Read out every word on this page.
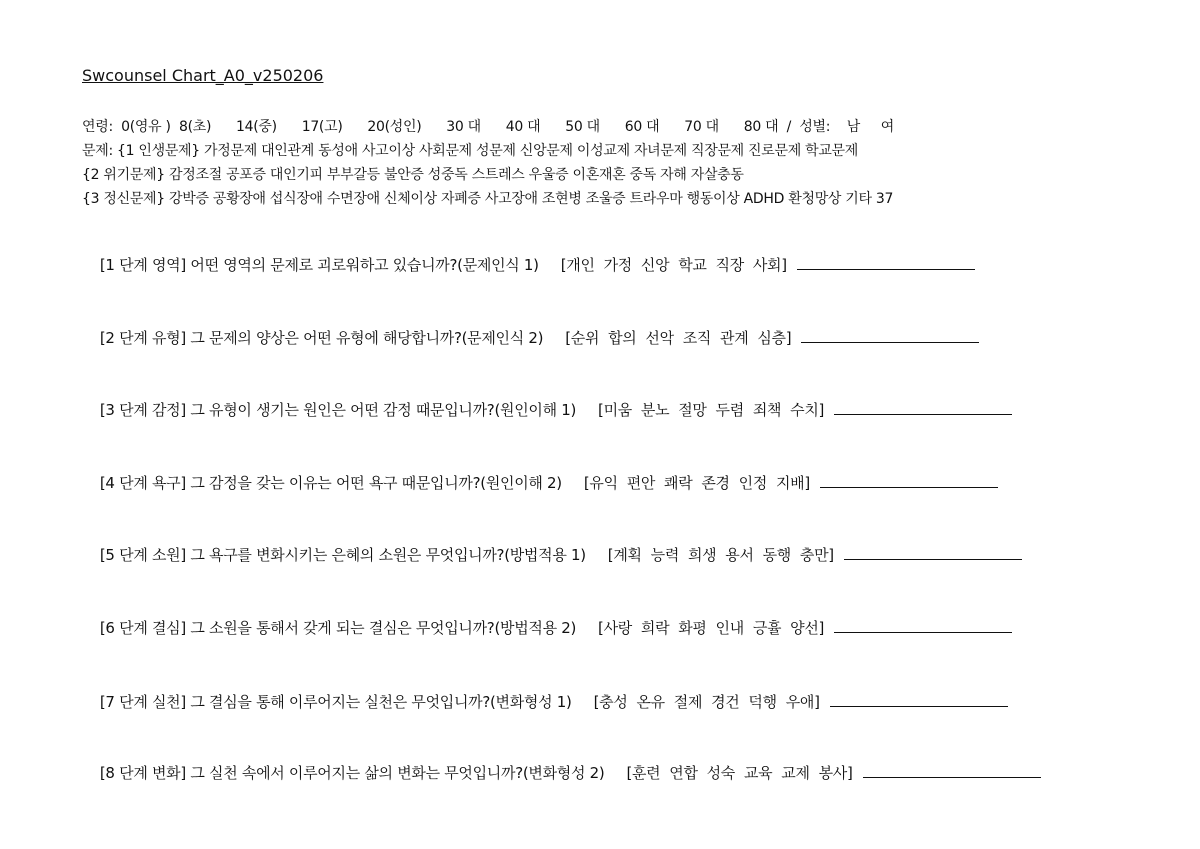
Swcounsel Chart_A0_v250206
연령:  0(영유 )  8(초)      14(중)      17(고)      20(성인)      30 대      40 대      50 대      60 대      70 대      80 대  /  성별:    남     여
문제: {1 인생문제} 가정문제 대인관계 동성애 사고이상 사회문제 성문제 신앙문제 이성교제 자녀문제 직장문제 진로문제 학교문제
{2 위기문제} 감정조절 공포증 대인기피 부부갈등 불안증 성중독 스트레스 우울증 이혼재혼 중독 자해 자살충동
{3 정신문제} 강박증 공황장애 섭식장애 수면장애 신체이상 자폐증 사고장애 조현병 조울증 트라우마 행동이상 ADHD 환청망상 기타 37

[1 단계 영역] 어떤 영역의 문제로 괴로워하고 있습니까?(문제인식 1) [개인  가정  신앙  학교  직장  사회]

[2 단계 유형] 그 문제의 양상은 어떤 유형에 해당합니까?(문제인식 2) [순위  합의  선악  조직  관계  심층]

[3 단계 감정] 그 유형이 생기는 원인은 어떤 감정 때문입니까?(원인이해 1) [미움  분노  절망  두렴  죄책  수치]

[4 단계 욕구] 그 감정을 갖는 이유는 어떤 욕구 때문입니까?(원인이해 2) [유익  편안  쾌락  존경  인정  지배]

[5 단계 소원] 그 욕구를 변화시키는 은혜의 소원은 무엇입니까?(방법적용 1) [계획  능력  희생  용서  동행  충만]

[6 단계 결심] 그 소원을 통해서 갖게 되는 결심은 무엇입니까?(방법적용 2) [사랑  희락  화평  인내  긍휼  양선]

[7 단계 실천] 그 결심을 통해 이루어지는 실천은 무엇입니까?(변화형성 1) [충성  온유  절제  경건  덕행  우애]

[8 단계 변화] 그 실천 속에서 이루어지는 삶의 변화는 무엇입니까?(변화형성 2) [훈련  연합  성숙  교육  교제  봉사]
